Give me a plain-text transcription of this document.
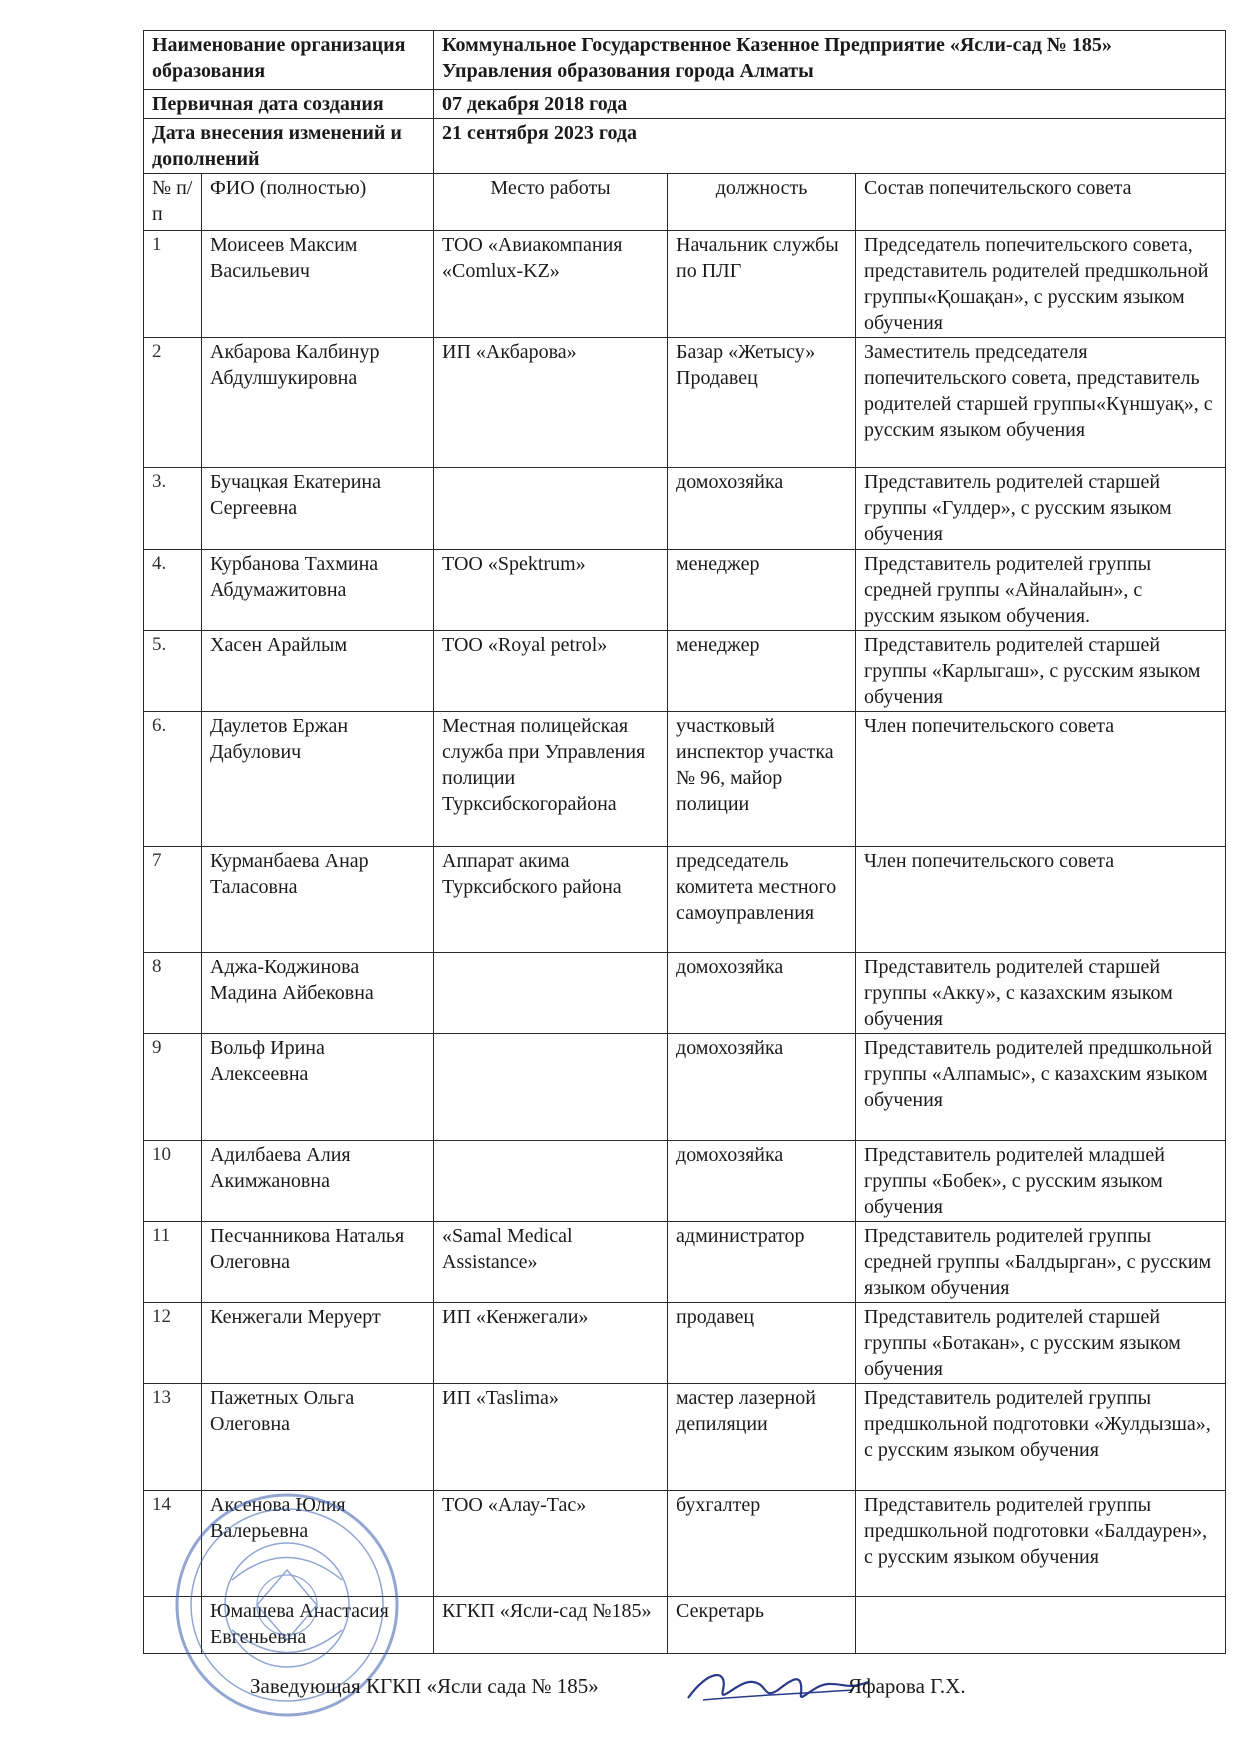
Наименование организация образования		Коммунальное Государственное Казенное Предприятие «Ясли-сад № 185» Управления образования города Алматы		
Первичная дата создания		07 декабря 2018 года		
Дата внесения изменений и дополнений		21 сентября 2023 года		
№ п/п	ФИО (полностью)	Место работы	должность	Состав попечительского совета
1	Моисеев Максим Васильевич	ТОО «Авиакомпания «Comlux-KZ»	Начальник службы по ПЛГ	Председатель попечительского совета, представитель родителей предшкольной группы«Қошақан», с русским языком обучения
2	Акбарова Калбинур Абдулшукировна	ИП «Акбарова»	Базар «Жетысу» Продавец	Заместитель председателя попечительского совета, представитель родителей старшей группы«Күншуақ», с русским языком обучения
3.	Бучацкая Екатерина Сергеевна		домохозяйка	Представитель родителей старшей группы «Гулдер», с русским языком обучения
4.	Курбанова Тахмина Абдумажитовна	ТОО «Spektrum»	менеджер	Представитель родителей группы средней группы «Айналайын», с русским языком обучения.
5.	Хасен Арайлым	ТОО «Royal petrol»	менеджер	Представитель родителей старшей группы «Карлыгаш», с русским языком обучения
6.	Даулетов Ержан Дабулович	Местная полицейская служба при Управления полиции Турксибскогорайона	участковый инспектор участка № 96, майор полиции	Член попечительского совета
7	Курманбаева Анар Таласовна	Аппарат акима Турксибского района	председатель комитета местного самоуправления	Член попечительского совета
8	Аджа-Коджинова Мадина Айбековна		домохозяйка	Представитель родителей старшей группы «Акку», с казахским языком обучения
9	Вольф Ирина Алексеевна		домохозяйка	Представитель родителей предшкольной группы «Алпамыс», с казахским языком обучения
10	Адилбаева Алия Акимжановна		домохозяйка	Представитель родителей младшей группы «Бобек», с русским языком обучения
11	Песчанникова Наталья Олеговна	«Samal Medical Assistance»	администратор	Представитель родителей группы средней группы «Балдырган», с русским языком обучения
12	Кенжегали Меруерт	ИП «Кенжегали»	продавец	Представитель родителей старшей группы «Ботакан», с русским языком обучения
13	Пажетных Ольга Олеговна	ИП «Taslima»	мастер лазерной депиляции	Представитель родителей группы предшкольной подготовки «Жулдызша», с русским языком обучения
14	Аксенова Юлия Валерьевна	ТОО «Алау-Тас»	бухгалтер	Представитель родителей группы предшкольной подготовки «Балдаурен», с русским языком обучения
	Юмашева Анастасия Евгеньевна	КГКП «Ясли-сад №185»	Секретарь	
Заведующая КГКП «Ясли сада № 185»	Яфарова Г.Х.
